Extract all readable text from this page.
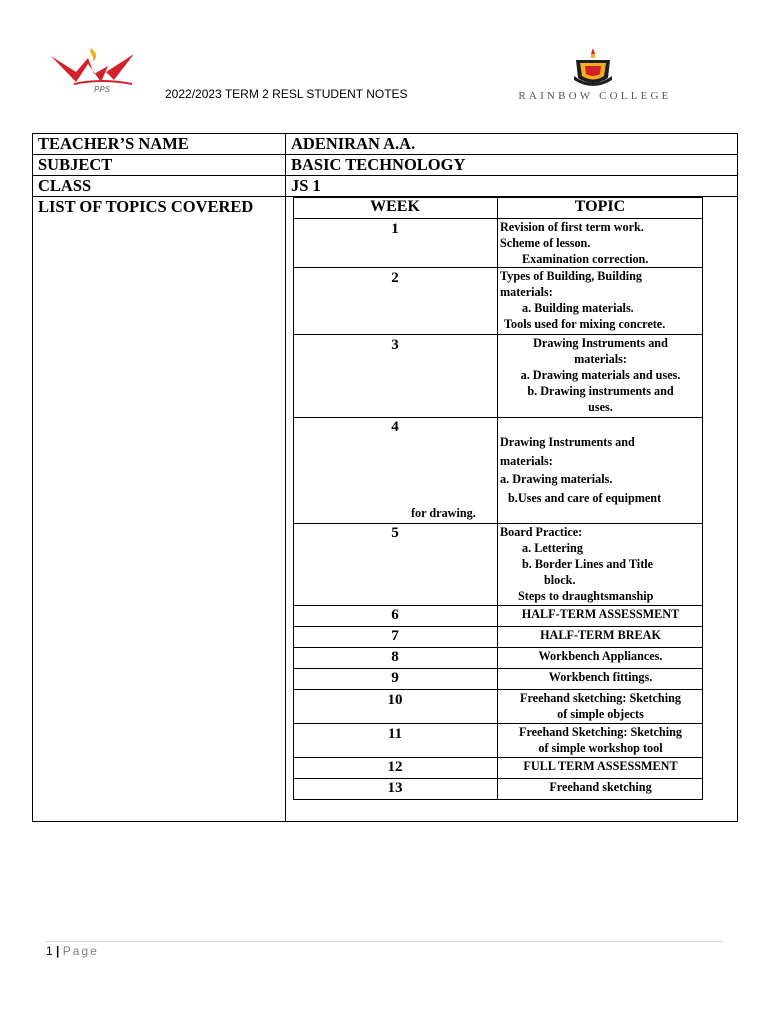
PPS	2022/2023 TERM 2 RESL STUDENT NOTES	RAINBOW COLLEGE
TEACHER’S NAME	ADENIRAN A.A.
SUBJECT	BASIC TECHNOLOGY
CLASS	JS 1
LIST OF TOPICS COVERED	WEEK	TOPIC
1	Revision of first term work.
Scheme of lesson.
Examination correction.
2	Types of Building, Building
materials:
a. Building materials.
Tools used for mixing concrete.
3	Drawing Instruments and
materials:
a. Drawing materials and uses.
b. Drawing instruments and
uses.
4
Drawing Instruments and
materials:
a. Drawing materials.
b.Uses and care of equipment
for drawing.
5	Board Practice:
a. Lettering
b. Border Lines and Title
block.
Steps to draughtsmanship
6	HALF-TERM ASSESSMENT
7	HALF-TERM BREAK
8	Workbench Appliances.
9	Workbench fittings.
10	Freehand sketching: Sketching
of simple objects
11	Freehand Sketching: Sketching
of simple workshop tool
12	FULL TERM ASSESSMENT
13	Freehand sketching
1 | Page
